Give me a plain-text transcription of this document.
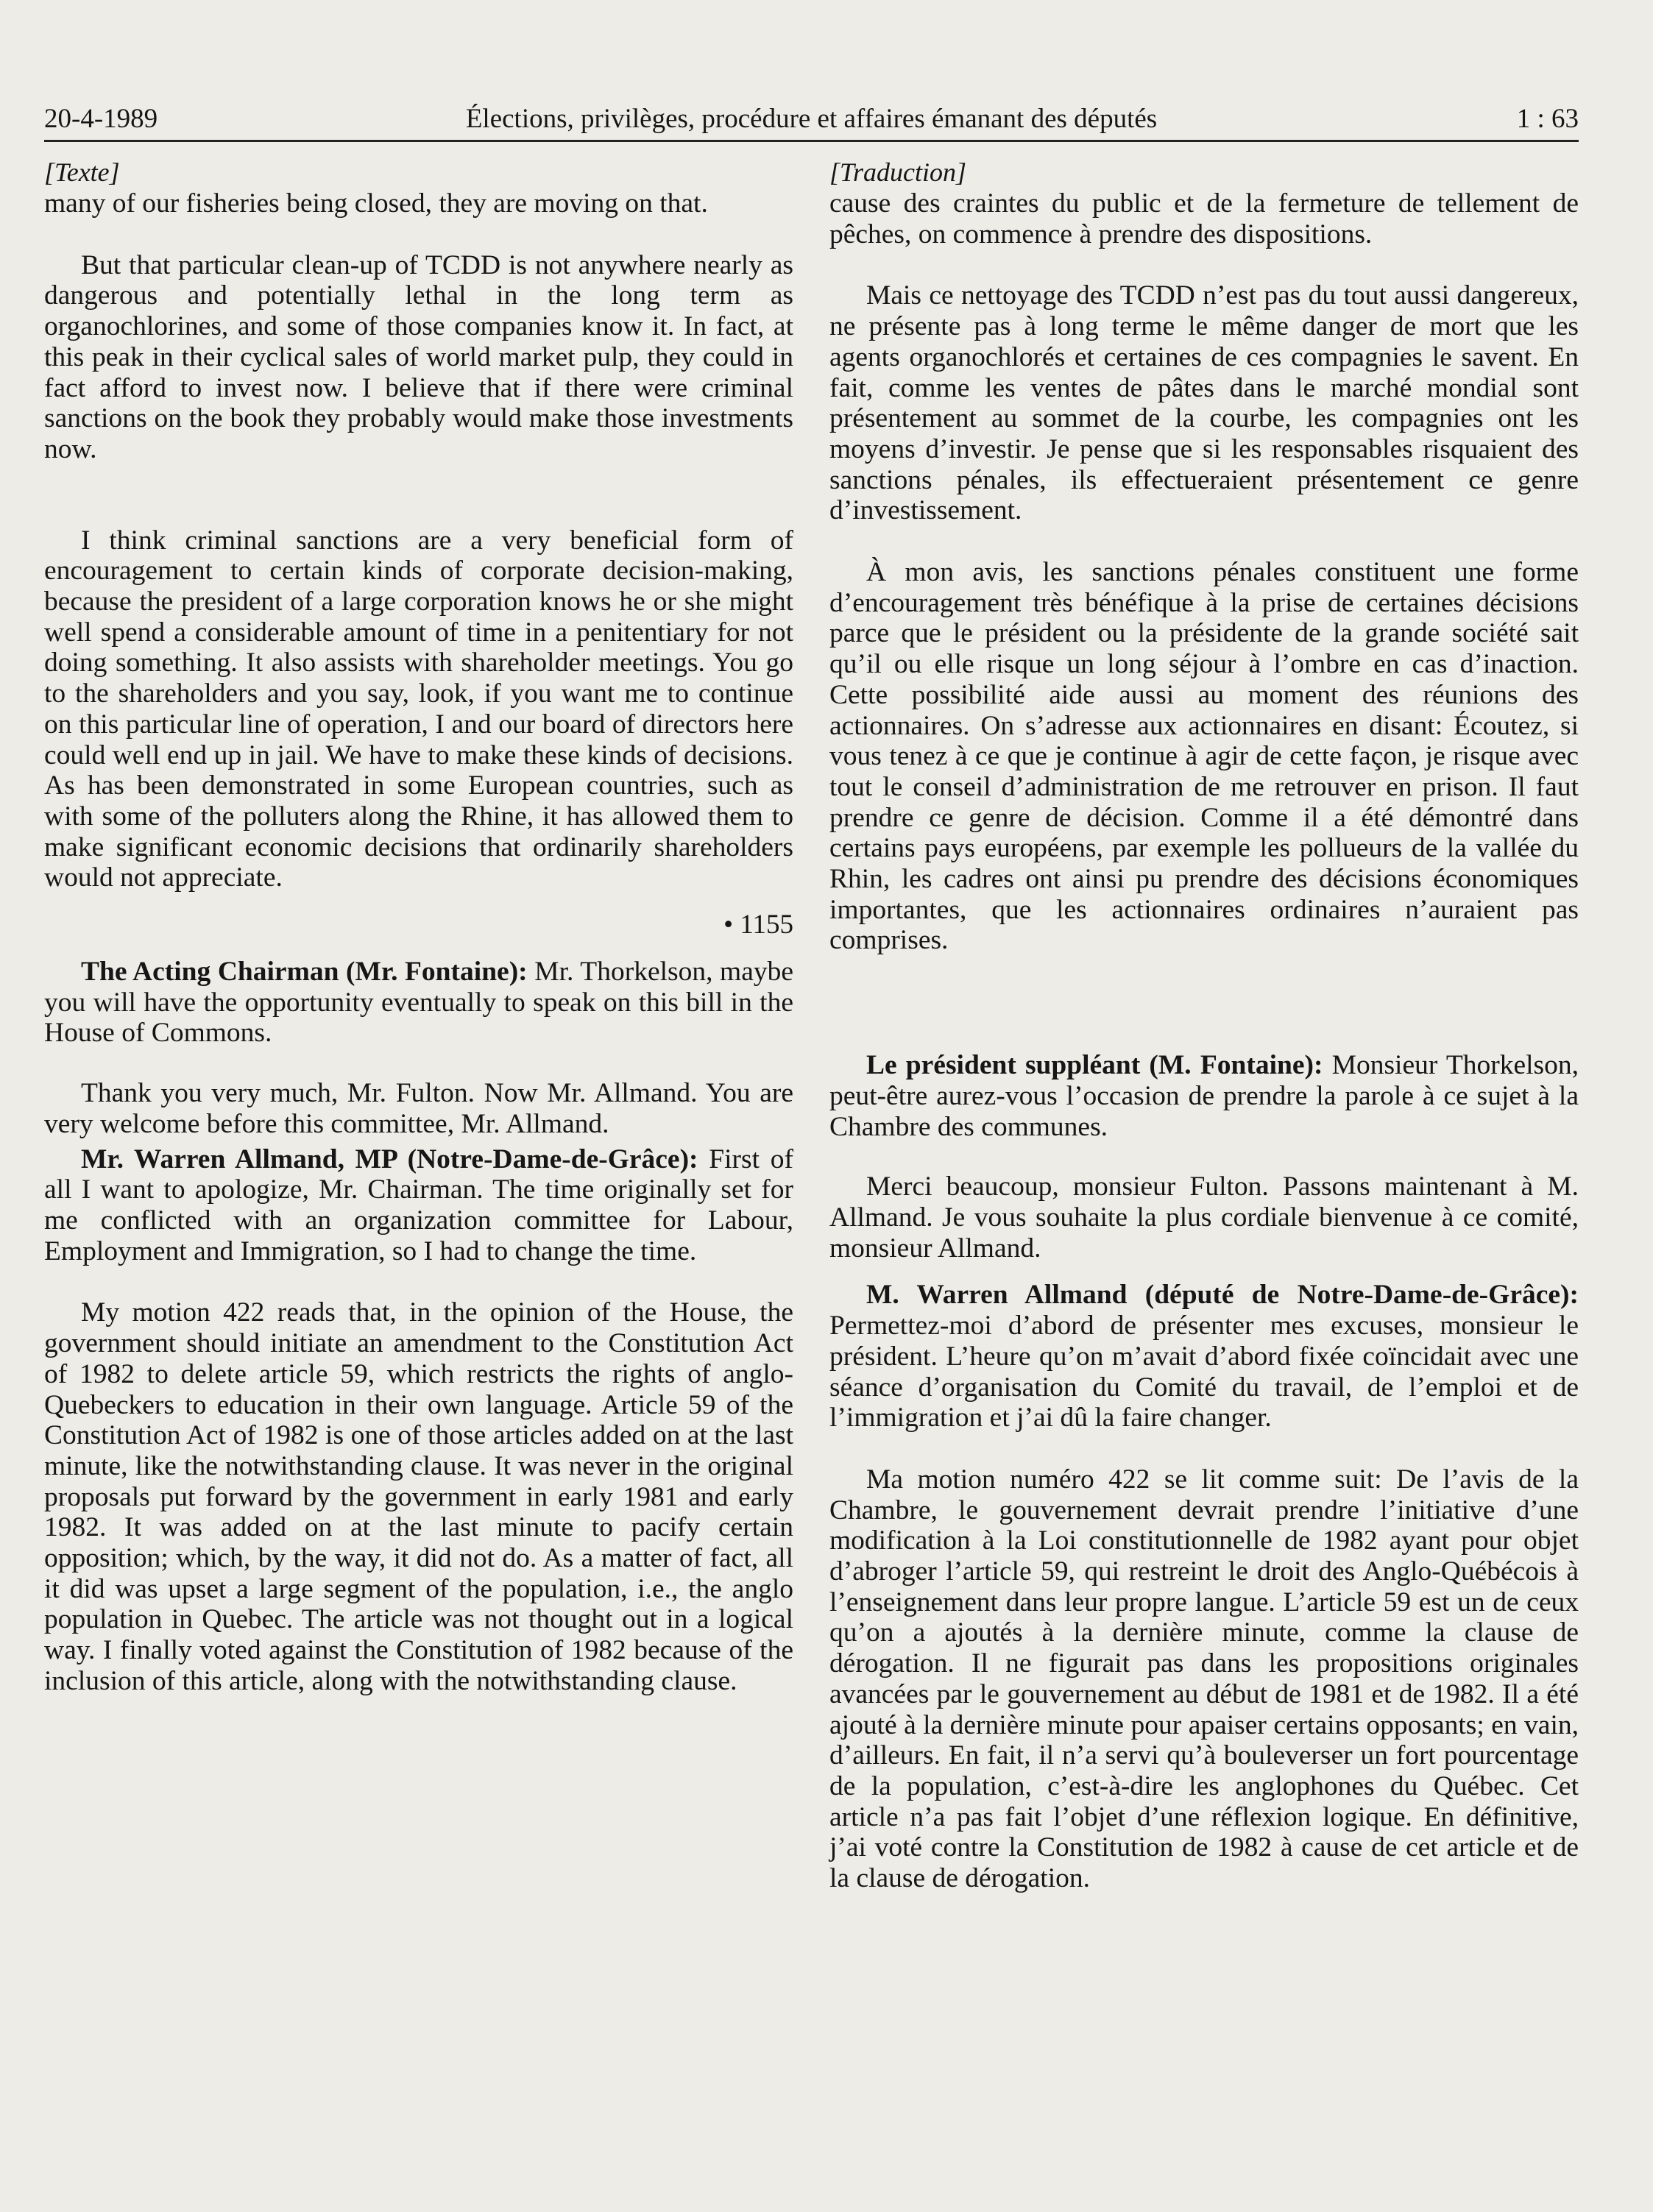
20-4-1989	Élections, privilèges, procédure et affaires émanant des députés	1 : 63
[Texte]

many of our fisheries being closed, they are moving on that.

But that particular clean-up of TCDD is not anywhere nearly as dangerous and potentially lethal in the long term as organochlorines, and some of those companies know it. In fact, at this peak in their cyclical sales of world market pulp, they could in fact afford to invest now. I believe that if there were criminal sanctions on the book they probably would make those investments now.

I think criminal sanctions are a very beneficial form of encouragement to certain kinds of corporate decision-making, because the president of a large corporation knows he or she might well spend a considerable amount of time in a penitentiary for not doing something. It also assists with shareholder meetings. You go to the shareholders and you say, look, if you want me to continue on this particular line of operation, I and our board of directors here could well end up in jail. We have to make these kinds of decisions. As has been demonstrated in some European countries, such as with some of the polluters along the Rhine, it has allowed them to make significant economic decisions that ordinarily shareholders would not appreciate.

• 1155

The Acting Chairman (Mr. Fontaine): Mr. Thorkelson, maybe you will have the opportunity eventually to speak on this bill in the House of Commons.

Thank you very much, Mr. Fulton. Now Mr. Allmand. You are very welcome before this committee, Mr. Allmand.

Mr. Warren Allmand, MP (Notre-Dame-de-Grâce): First of all I want to apologize, Mr. Chairman. The time originally set for me conflicted with an organization committee for Labour, Employment and Immigration, so I had to change the time.

My motion 422 reads that, in the opinion of the House, the government should initiate an amendment to the Constitution Act of 1982 to delete article 59, which restricts the rights of anglo-Quebeckers to education in their own language. Article 59 of the Constitution Act of 1982 is one of those articles added on at the last minute, like the notwithstanding clause. It was never in the original proposals put forward by the government in early 1981 and early 1982. It was added on at the last minute to pacify certain opposition; which, by the way, it did not do. As a matter of fact, all it did was upset a large segment of the population, i.e., the anglo population in Quebec. The article was not thought out in a logical way. I finally voted against the Constitution of 1982 because of the inclusion of this article, along with the notwithstanding clause.

[Traduction]

cause des craintes du public et de la fermeture de tellement de pêches, on commence à prendre des dispositions.

Mais ce nettoyage des TCDD n’est pas du tout aussi dangereux, ne présente pas à long terme le même danger de mort que les agents organochlorés et certaines de ces compagnies le savent. En fait, comme les ventes de pâtes dans le marché mondial sont présentement au sommet de la courbe, les compagnies ont les moyens d’investir. Je pense que si les responsables risquaient des sanctions pénales, ils effectueraient présentement ce genre d’investissement.

À mon avis, les sanctions pénales constituent une forme d’encouragement très bénéfique à la prise de certaines décisions parce que le président ou la présidente de la grande société sait qu’il ou elle risque un long séjour à l’ombre en cas d’inaction. Cette possibilité aide aussi au moment des réunions des actionnaires. On s’adresse aux actionnaires en disant: Écoutez, si vous tenez à ce que je continue à agir de cette façon, je risque avec tout le conseil d’administration de me retrouver en prison. Il faut prendre ce genre de décision. Comme il a été démontré dans certains pays européens, par exemple les pollueurs de la vallée du Rhin, les cadres ont ainsi pu prendre des décisions économiques importantes, que les actionnaires ordinaires n’auraient pas comprises.

Le président suppléant (M. Fontaine): Monsieur Thorkelson, peut-être aurez-vous l’occasion de prendre la parole à ce sujet à la Chambre des communes.

Merci beaucoup, monsieur Fulton. Passons maintenant à M. Allmand. Je vous souhaite la plus cordiale bienvenue à ce comité, monsieur Allmand.

M. Warren Allmand (député de Notre-Dame-de-Grâce): Permettez-moi d’abord de présenter mes excuses, monsieur le président. L’heure qu’on m’avait d’abord fixée coïncidait avec une séance d’organisation du Comité du travail, de l’emploi et de l’immigration et j’ai dû la faire changer.

Ma motion numéro 422 se lit comme suit: De l’avis de la Chambre, le gouvernement devrait prendre l’initiative d’une modification à la Loi constitutionnelle de 1982 ayant pour objet d’abroger l’article 59, qui restreint le droit des Anglo-Québécois à l’enseignement dans leur propre langue. L’article 59 est un de ceux qu’on a ajoutés à la dernière minute, comme la clause de dérogation. Il ne figurait pas dans les propositions originales avancées par le gouvernement au début de 1981 et de 1982. Il a été ajouté à la dernière minute pour apaiser certains opposants; en vain, d’ailleurs. En fait, il n’a servi qu’à bouleverser un fort pourcentage de la population, c’est-à-dire les anglophones du Québec. Cet article n’a pas fait l’objet d’une réflexion logique. En définitive, j’ai voté contre la Constitution de 1982 à cause de cet article et de la clause de dérogation.
